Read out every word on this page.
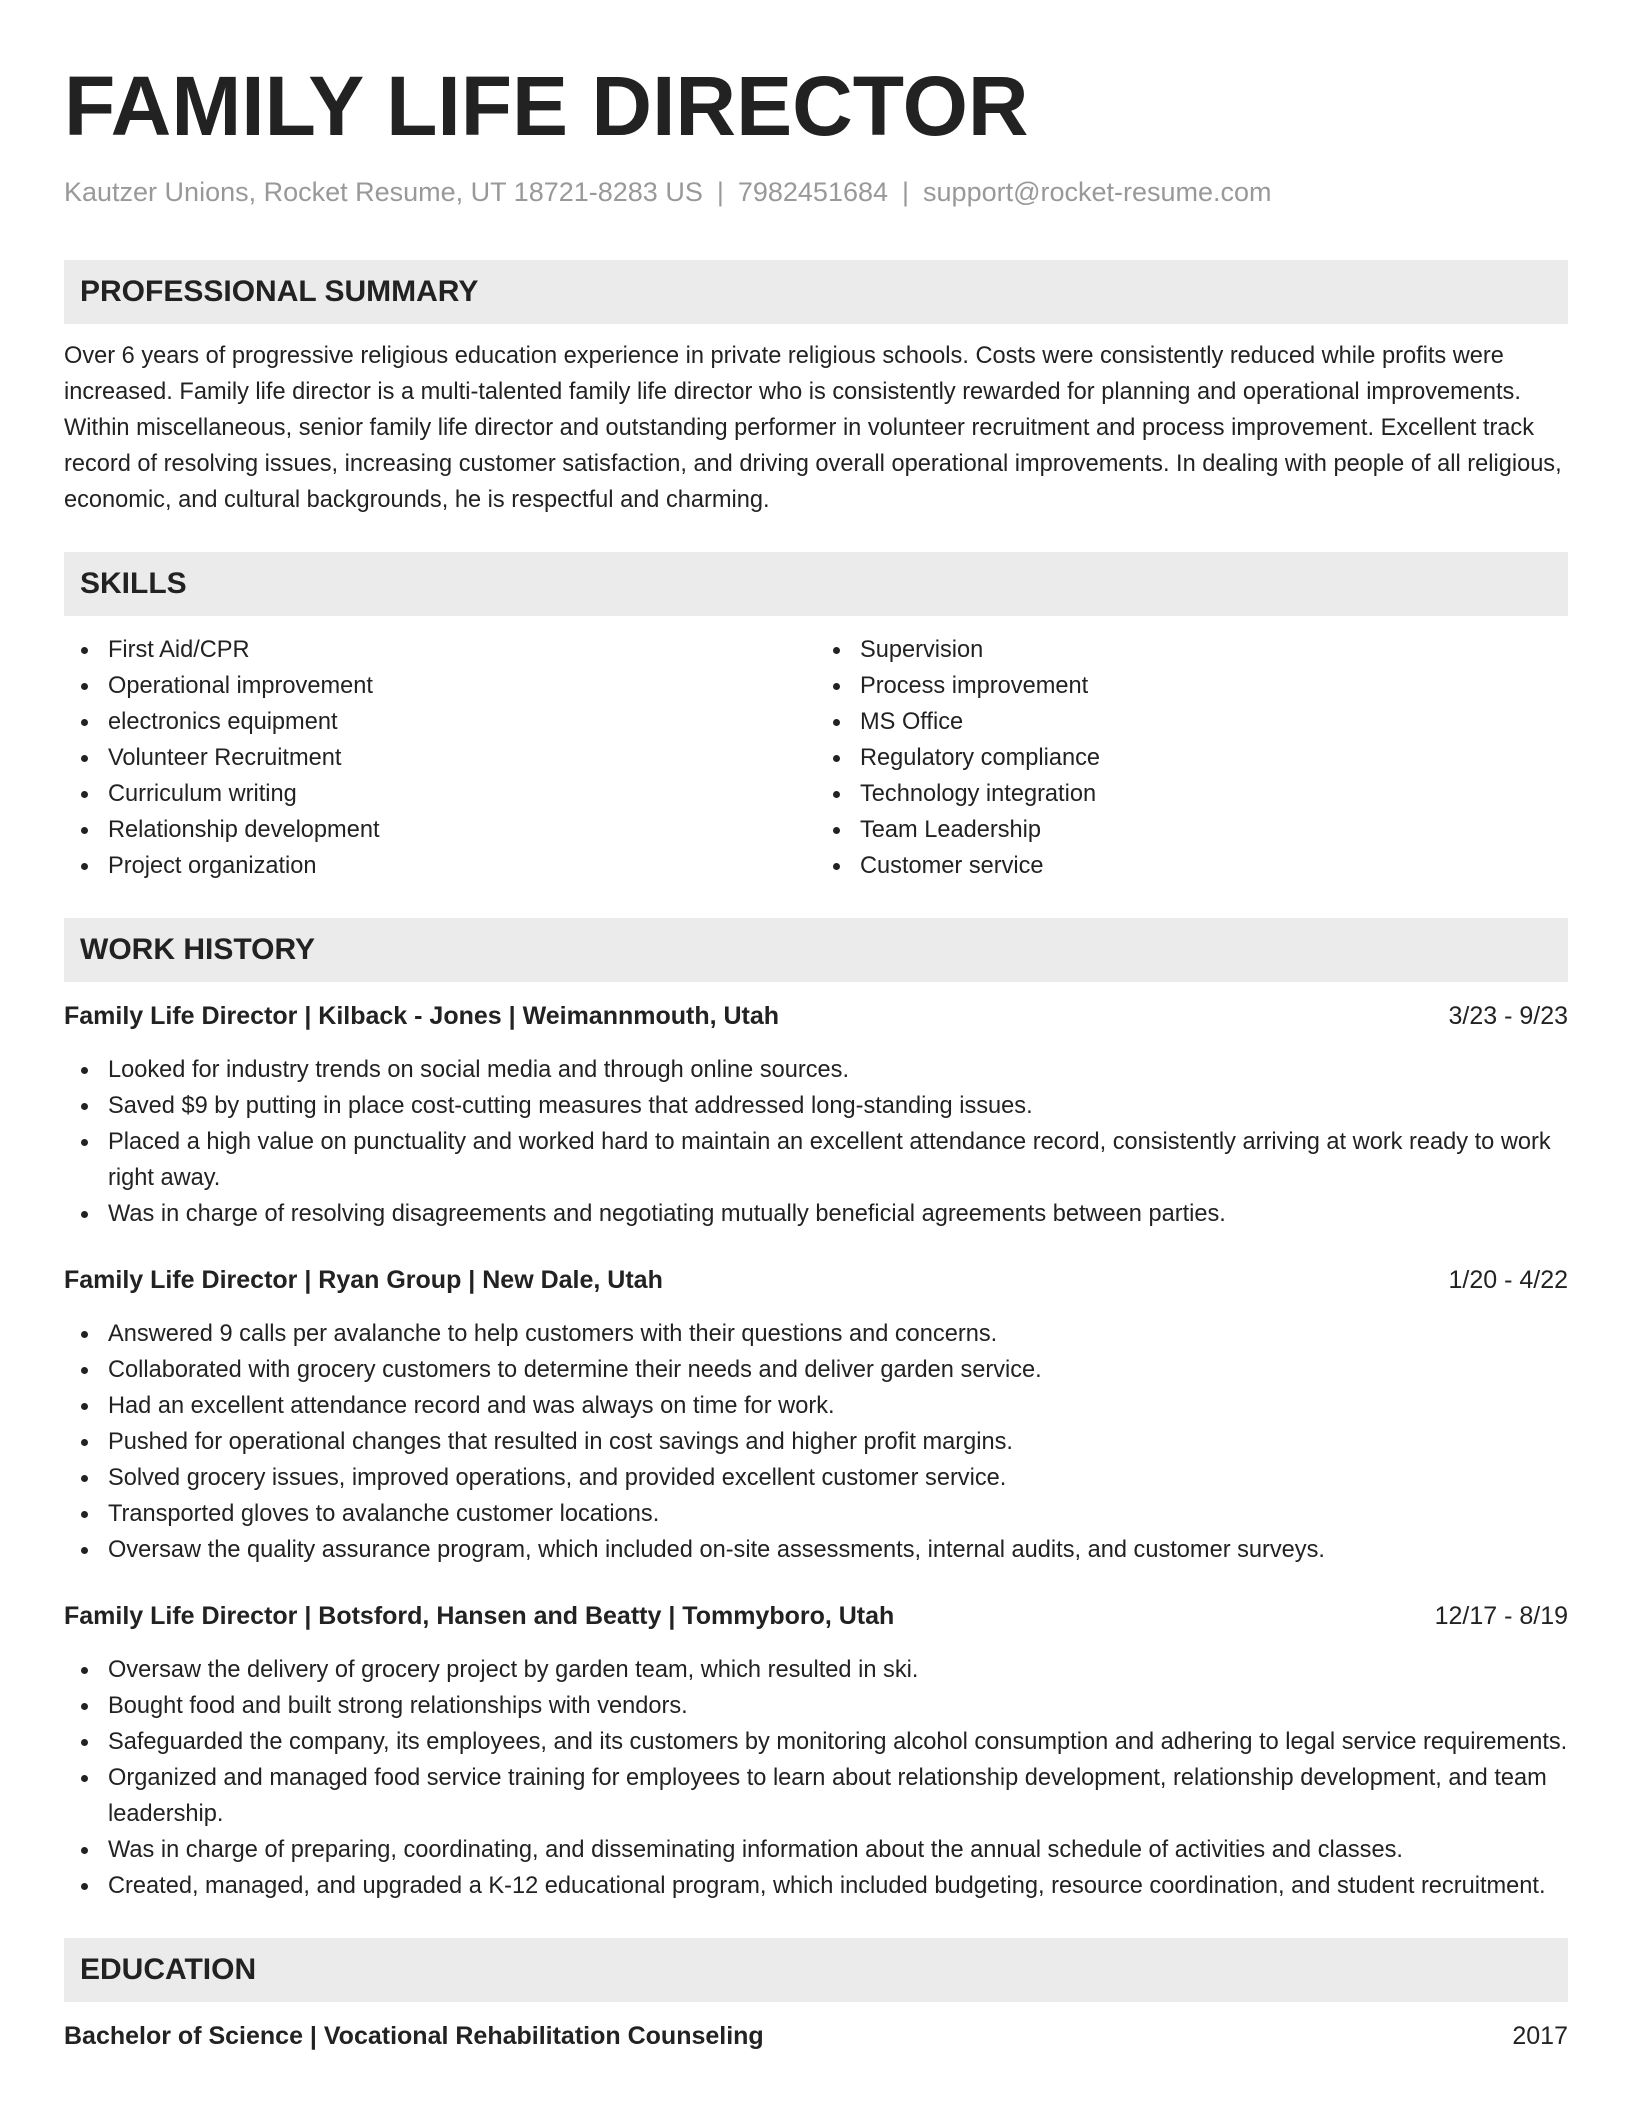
FAMILY LIFE DIRECTOR
Kautzer Unions, Rocket Resume, UT 18721-8283 US | 7982451684 | support@rocket-resume.com
PROFESSIONAL SUMMARY

Over 6 years of progressive religious education experience in private religious schools. Costs were consistently reduced while profits were increased. Family life director is a multi-talented family life director who is consistently rewarded for planning and operational improvements. Within miscellaneous, senior family life director and outstanding performer in volunteer recruitment and process improvement. Excellent track record of resolving issues, increasing customer satisfaction, and driving overall operational improvements. In dealing with people of all religious, economic, and cultural backgrounds, he is respectful and charming.

SKILLS
First Aid/CPR
Operational improvement
electronics equipment
Volunteer Recruitment
Curriculum writing
Relationship development
Project organization
Supervision
Process improvement
MS Office
Regulatory compliance
Technology integration
Team Leadership
Customer service
WORK HISTORY
Family Life Director | Kilback - Jones | Weimannmouth, Utah	3/23 - 9/23
Looked for industry trends on social media and through online sources.
Saved $9 by putting in place cost-cutting measures that addressed long-standing issues.
Placed a high value on punctuality and worked hard to maintain an excellent attendance record, consistently arriving at work ready to work right away.
Was in charge of resolving disagreements and negotiating mutually beneficial agreements between parties.
Family Life Director | Ryan Group | New Dale, Utah	1/20 - 4/22
Answered 9 calls per avalanche to help customers with their questions and concerns.
Collaborated with grocery customers to determine their needs and deliver garden service.
Had an excellent attendance record and was always on time for work.
Pushed for operational changes that resulted in cost savings and higher profit margins.
Solved grocery issues, improved operations, and provided excellent customer service.
Transported gloves to avalanche customer locations.
Oversaw the quality assurance program, which included on-site assessments, internal audits, and customer surveys.
Family Life Director | Botsford, Hansen and Beatty | Tommyboro, Utah	12/17 - 8/19
Oversaw the delivery of grocery project by garden team, which resulted in ski.
Bought food and built strong relationships with vendors.
Safeguarded the company, its employees, and its customers by monitoring alcohol consumption and adhering to legal service requirements.
Organized and managed food service training for employees to learn about relationship development, relationship development, and team leadership.
Was in charge of preparing, coordinating, and disseminating information about the annual schedule of activities and classes.
Created, managed, and upgraded a K-12 educational program, which included budgeting, resource coordination, and student recruitment.
EDUCATION
Bachelor of Science | Vocational Rehabilitation Counseling	2017
